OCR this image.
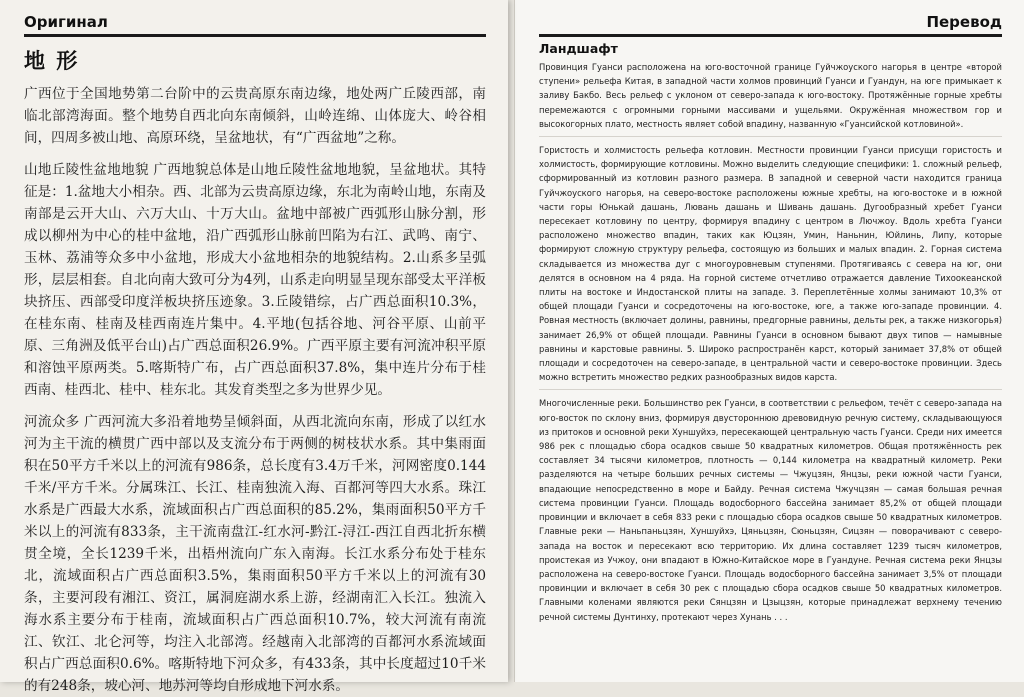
Оригинал
地 形

广西位于全国地势第二台阶中的云贵高原东南边缘，地处两广丘陵西部，南临北部湾海面。整个地势自西北向东南倾斜，山岭连绵、山体庞大、岭谷相间，四周多被山地、高原环绕，呈盆地状，有“广西盆地”之称。

山地丘陵性盆地地貌 广西地貌总体是山地丘陵性盆地地貌，呈盆地状。其特征是：1.盆地大小相杂。西、北部为云贵高原边缘，东北为南岭山地，东南及南部是云开大山、六万大山、十万大山。盆地中部被广西弧形山脉分割，形成以柳州为中心的桂中盆地，沿广西弧形山脉前凹陷为右江、武鸣、南宁、玉林、荔浦等众多中小盆地，形成大小盆地相杂的地貌结构。2.山系多呈弧形，层层相套。自北向南大致可分为4列，山系走向明显呈现东部受太平洋板块挤压、西部受印度洋板块挤压迹象。3.丘陵错综，占广西总面积10.3%，在桂东南、桂南及桂西南连片集中。4.平地(包括谷地、河谷平原、山前平原、三角洲及低平台山)占广西总面积26.9%。广西平原主要有河流冲积平原和溶蚀平原两类。5.喀斯特广布，占广西总面积37.8%，集中连片分布于桂西南、桂西北、桂中、桂东北。其发育类型之多为世界少见。

河流众多 广西河流大多沿着地势呈倾斜面，从西北流向东南，形成了以红水河为主干流的横贯广西中部以及支流分布于两侧的树枝状水系。其中集雨面积在50平方千米以上的河流有986条，总长度有3.4万千米，河网密度0.144千米/平方千米。分属珠江、长江、桂南独流入海、百都河等四大水系。珠江水系是广西最大水系，流域面积占广西总面积的85.2%，集雨面积50平方千米以上的河流有833条，主干流南盘江-红水河-黔江-浔江-西江自西北折东横贯全境，全长1239千米，出梧州流向广东入南海。长江水系分布处于桂东北，流域面积占广西总面积3.5%，集雨面积50平方千米以上的河流有30条，主要河段有湘江、资江，属洞庭湖水系上游，经湖南汇入长江。独流入海水系主要分布于桂南，流域面积占广西总面积10.7%，较大河流有南流江、钦江、北仑河等，均注入北部湾。经越南入北部湾的百都河水系流域面积占广西总面积0.6%。喀斯特地下河众多，有433条，其中长度超过10千米的有248条，坡心河、地苏河等均自形成地下河水系。

Перевод
Ландшафт

Провинция Гуанси расположена на юго-восточной границе Гуйчжоуского нагорья в центре «второй ступени» рельефа Китая, в западной части холмов провинций Гуанси и Гуандун, на юге примыкает к заливу Бакбо. Весь рельеф с уклоном от северо-запада к юго-востоку. Протяжённые горные хребты перемежаются с огромными горными массивами и ущельями. Окружённая множеством гор и высокогорных плато, местность являет собой впадину, названную «Гуансийской котловиной».

Гористость и холмистость рельефа котловин. Местности провинции Гуанси присущи гористость и холмистость, формирующие котловины. Можно выделить следующие специфики: 1. сложный рельеф, сформированный из котловин разного размера. В западной и северной части находится граница Гуйчжоуского нагорья, на северо-востоке расположены южные хребты, на юго-востоке и в южной части горы Юнькай дашань, Лювань дашань и Шивань дашань. Дугообразный хребет Гуанси пересекает котловину по центру, формируя впадину с центром в Лючжоу. Вдоль хребта Гуанси расположено множество впадин, таких как Юцзян, Умин, Наньнин, Юйлинь, Липу, которые формируют сложную структуру рельефа, состоящую из больших и малых впадин. 2. Горная система складывается из множества дуг с многоуровневым ступенями. Протягиваясь с севера на юг, они делятся в основном на 4 ряда. На горной системе отчетливо отражается давление Тихоокеанской плиты на востоке и Индостанской плиты на западе. 3. Переплетённые холмы занимают 10,3% от общей площади Гуанси и сосредоточены на юго-востоке, юге, а также юго-западе провинции. 4. Ровная местность (включает долины, равнины, предгорные равнины, дельты рек, а также низкогорья) занимает 26,9% от общей площади. Равнины Гуанси в основном бывают двух типов — намывные равнины и карстовые равнины. 5. Широко распространён карст, который занимает 37,8% от общей площади и сосредоточен на северо-западе, в центральной части и северо-востоке провинции. Здесь можно встретить множество редких разнообразных видов карста.

Многочисленные реки. Большинство рек Гуанси, в соответствии с рельефом, течёт с северо-запада на юго-восток по склону вниз, формируя двустороннюю древовидную речную систему, складывающуюся из притоков и основной реки Хуншуйхэ, пересекающей центральную часть Гуанси. Среди них имеется 986 рек с площадью сбора осадков свыше 50 квадратных километров. Общая протяжённость рек составляет 34 тысячи километров, плотность — 0,144 километра на квадратный километр. Реки разделяются на четыре больших речных системы — Чжуцзян, Янцзы, реки южной части Гуанси, впадающие непосредственно в море и Байду. Речная система Чжучцзян — самая большая речная система провинции Гуанси. Площадь водосборного бассейна занимает 85,2% от общей площади провинции и включает в себя 833 реки с площадью сбора осадков свыше 50 квадратных километров. Главные реки — Наньпаньцзян, Хуншуйхэ, Цяньцзян, Сюньцзян, Сицзян — поворачивают с северо-запада на восток и пересекают всю территорию. Их длина составляет 1239 тысяч километров, проистекая из Учжоу, они впадают в Южно-Китайское море в Гуандуне. Речная система реки Янцзы расположена на северо-востоке Гуанси. Площадь водосборного бассейна занимает 3,5% от площади провинции и включает в себя 30 рек с площадью сбора осадков свыше 50 квадратных километров. Главными коленами являются реки Сянцзян и Цзыцзян, которые принадлежат верхнему течению речной системы Дунтинху, протекают через Хунань . . .
